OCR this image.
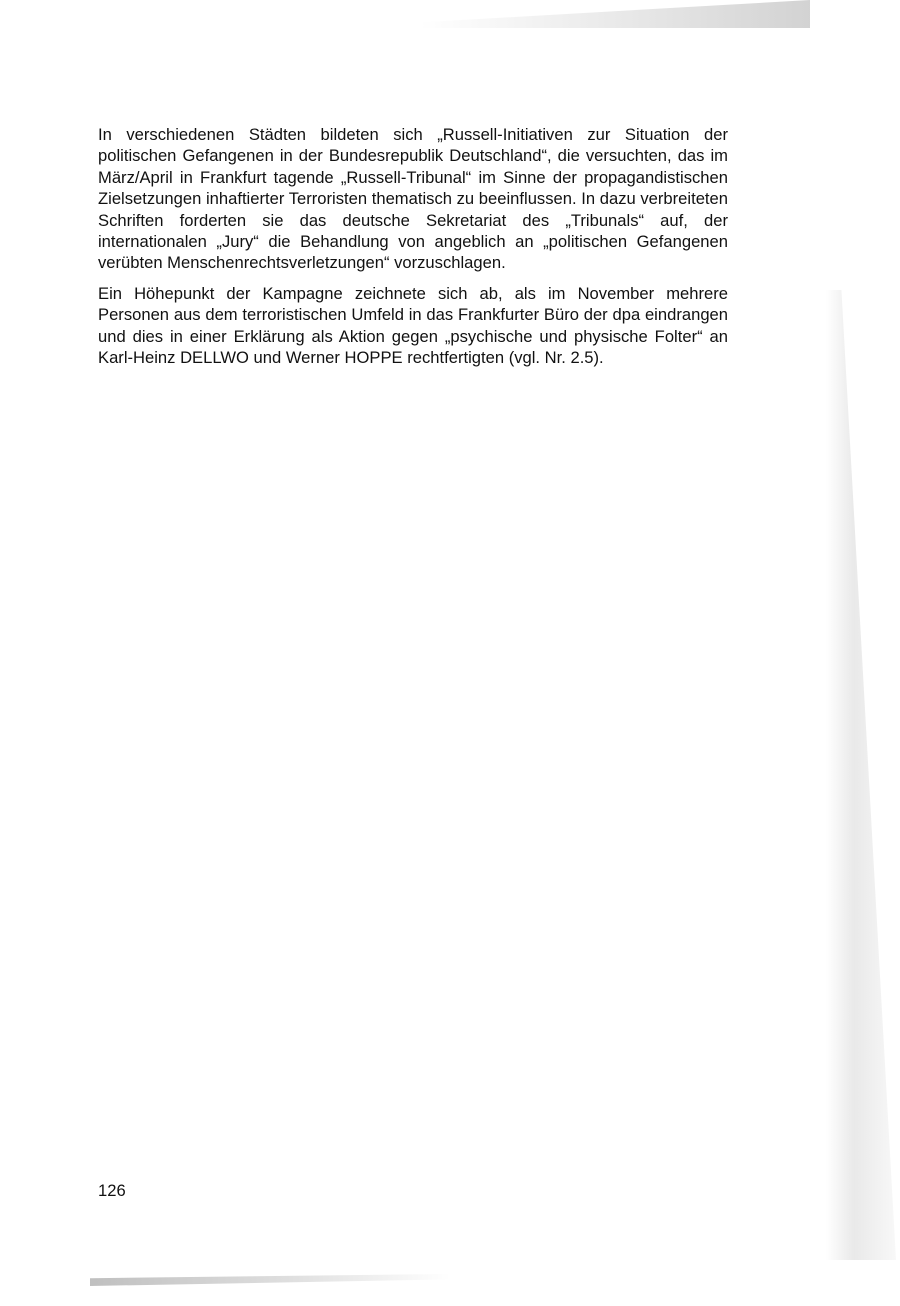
In verschiedenen Städten bildeten sich „Russell-Initiativen zur Situation der politischen Gefangenen in der Bundesrepublik Deutschland“, die versuchten, das im März/April in Frankfurt tagende „Russell-Tribunal“ im Sinne der propagandistischen Zielsetzungen inhaftierter Terroristen thematisch zu beeinflussen. In dazu verbreiteten Schriften forderten sie das deutsche Sekretariat des „Tribunals“ auf, der internationalen „Jury“ die Behandlung von angeblich an „politischen Gefangenen verübten Menschenrechtsverletzungen“ vorzuschlagen.

Ein Höhepunkt der Kampagne zeichnete sich ab, als im November mehrere Personen aus dem terroristischen Umfeld in das Frankfurter Büro der dpa eindrangen und dies in einer Erklärung als Aktion gegen „psychische und physische Folter“ an Karl-Heinz DELLWO und Werner HOPPE rechtfertigten (vgl. Nr. 2.5).

126
